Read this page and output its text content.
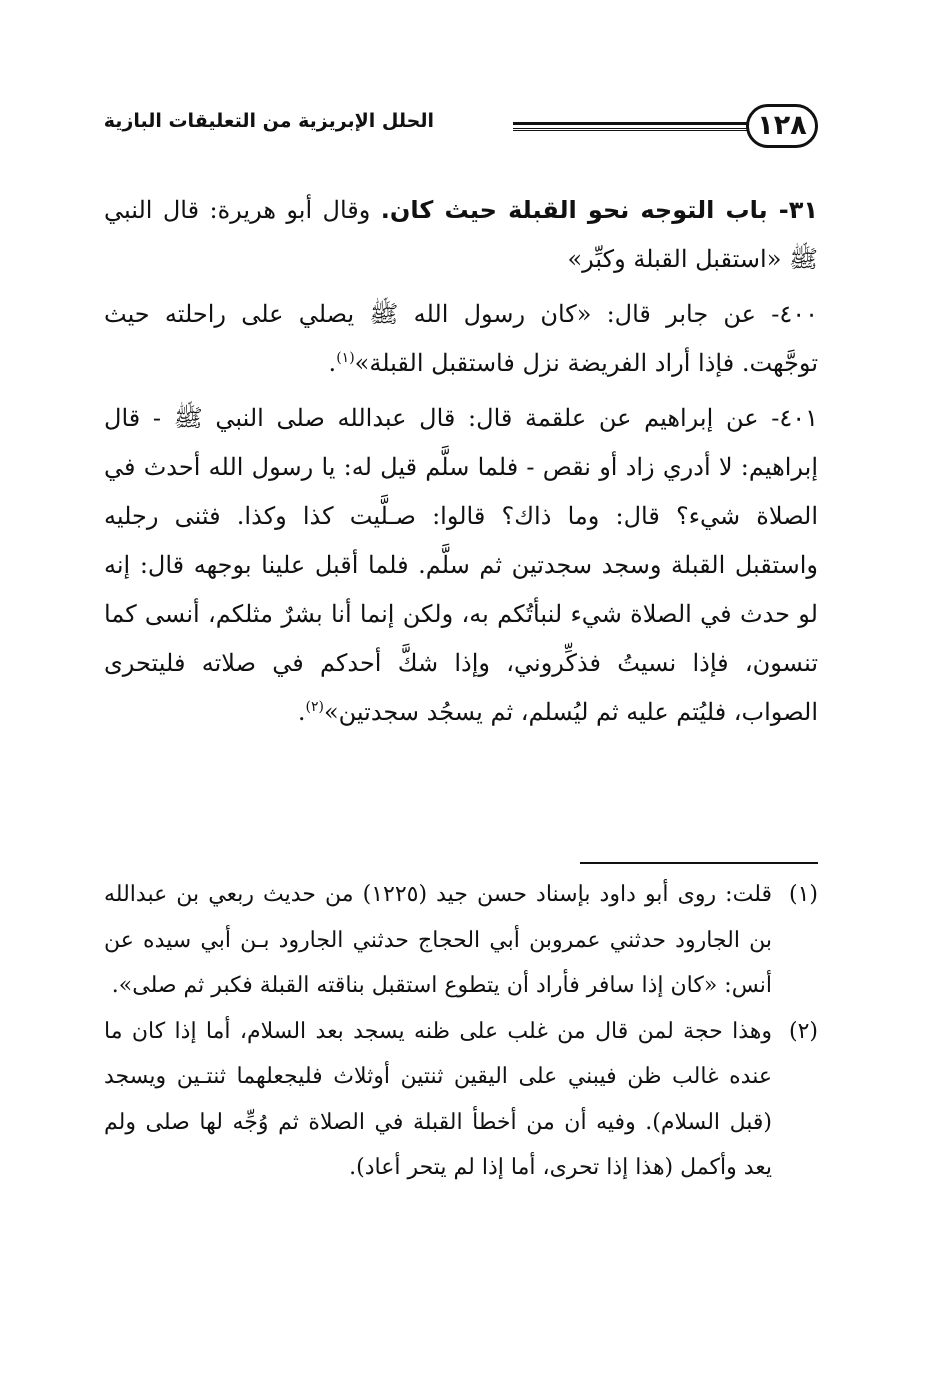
١٢٨
الحلل الإبريزية من التعليقات البازية

٣١- باب التوجه نحو القبلة حيث كان. وقال أبو هريرة: قال النبي ﷺ «استقبل القبلة وكبِّر»

٤٠٠- عن جابر قال: «كان رسول الله ﷺ يصلي على راحلته حيث توجَّهت. فإذا أراد الفريضة نزل فاستقبل القبلة»$^{(١)}$.

٤٠١- عن إبراهيم عن علقمة قال: قال عبدالله صلى النبي ﷺ - قال إبراهيم: لا أدري زاد أو نقص - فلما سلَّم قيل له: يا رسول الله أحدث في الصلاة شيء؟ قال: وما ذاك؟ قالوا: صـلَّيت كذا وكذا. فثنى رجليه واستقبل القبلة وسجد سجدتين ثم سلَّم. فلما أقبل علينا بوجهه قال: إنه لو حدث في الصلاة شيء لنبأتُكم به، ولكن إنما أنا بشرٌ مثلكم، أنسى كما تنسون، فإذا نسيتُ فذكِّروني، وإذا شكَّ أحدكم في صلاته فليتحرى الصواب، فليُتم عليه ثم ليُسلم، ثم يسجُد سجدتين»$^{(٢)}$.

(١)
قلت: روى أبو داود بإسناد حسن جيد (١٢٢٥) من حديث ربعي بن عبدالله بن الجارود حدثني عمروبن أبي الحجاج حدثني الجارود بـن أبي سيده عن أنس: «كان إذا سافر فأراد أن يتطوع استقبل بناقته القبلة فكبر ثم صلى».
(٢)
وهذا حجة لمن قال من غلب على ظنه يسجد بعد السلام، أما إذا كان ما عنده غالب ظن فيبني على اليقين ثنتين أوثلاث فليجعلهما ثنتـين ويسجد (قبل السلام). وفيه أن من أخطأ القبلة في الصلاة ثم وُجِّه لها صلى ولم يعد وأكمل (هذا إذا تحرى، أما إذا لم يتحر أعاد).
